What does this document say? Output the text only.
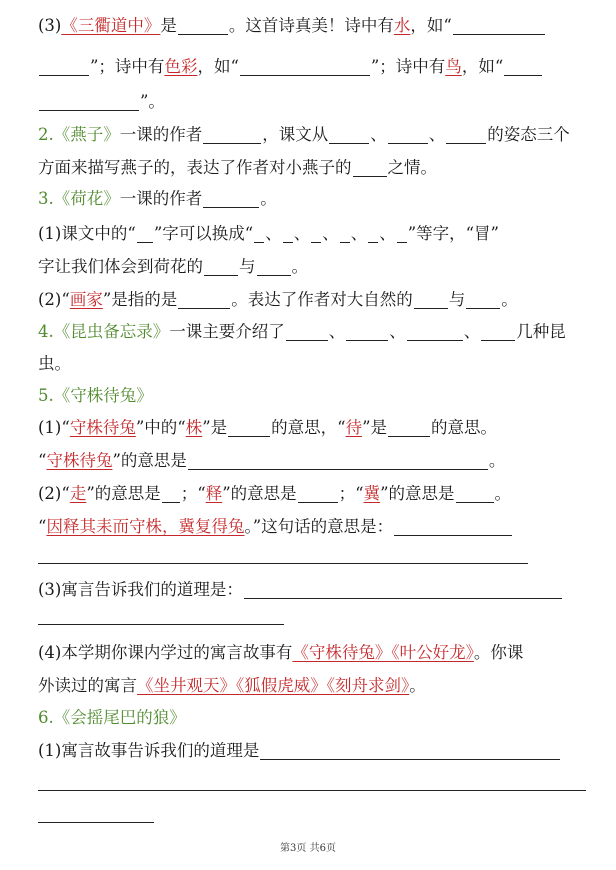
(3)《三衢道中》是	。这首诗真美！诗中有水，如“
”；诗中有色彩，如“	”；诗中有鸟，如“
”。
2.《燕子》一课的作者	，课文从	、	、	的姿态三个
方面来描写燕子的，表达了作者对小燕子的 之情。
3.《荷花》一课的作者	。
(1)课文中的“ ”字可以换成“ 、 、 、 、 、 ”等字，“冒”
字让我们体会到荷花的 与 。
(2)“画家”是指的是	。表达了作者对大自然的 与 。
4.《昆虫备忘录》一课主要介绍了	、	、	、 几种昆
虫。
5.《守株待兔》
(1)“守株待兔”中的“株”是	的意思，“待”是	的意思。
“守株待兔”的意思是	。
(2)“走”的意思是 ；“释”的意思是	；“冀”的意思是 。
“因释其耒而守株，冀复得兔。”这句话的意思是：
(3)寓言告诉我们的道理是：
(4)本学期你课内学过的寓言故事有《守株待兔》《叶公好龙》。你课
外读过的寓言《坐井观天》《狐假虎威》《刻舟求剑》。
6.《会摇尾巴的狼》
(1)寓言故事告诉我们的道理是
第3页 共6页
